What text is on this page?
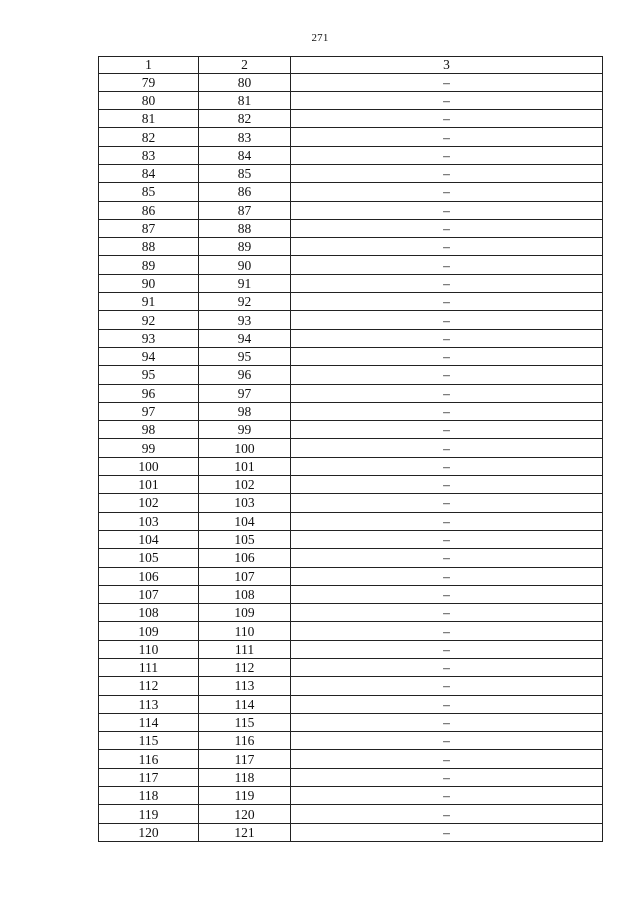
271
1	2	3
79	80	–
80	81	–
81	82	–
82	83	–
83	84	–
84	85	–
85	86	–
86	87	–
87	88	–
88	89	–
89	90	–
90	91	–
91	92	–
92	93	–
93	94	–
94	95	–
95	96	–
96	97	–
97	98	–
98	99	–
99	100	–
100	101	–
101	102	–
102	103	–
103	104	–
104	105	–
105	106	–
106	107	–
107	108	–
108	109	–
109	110	–
110	111	–
111	112	–
112	113	–
113	114	–
114	115	–
115	116	–
116	117	–
117	118	–
118	119	–
119	120	–
120	121	–
